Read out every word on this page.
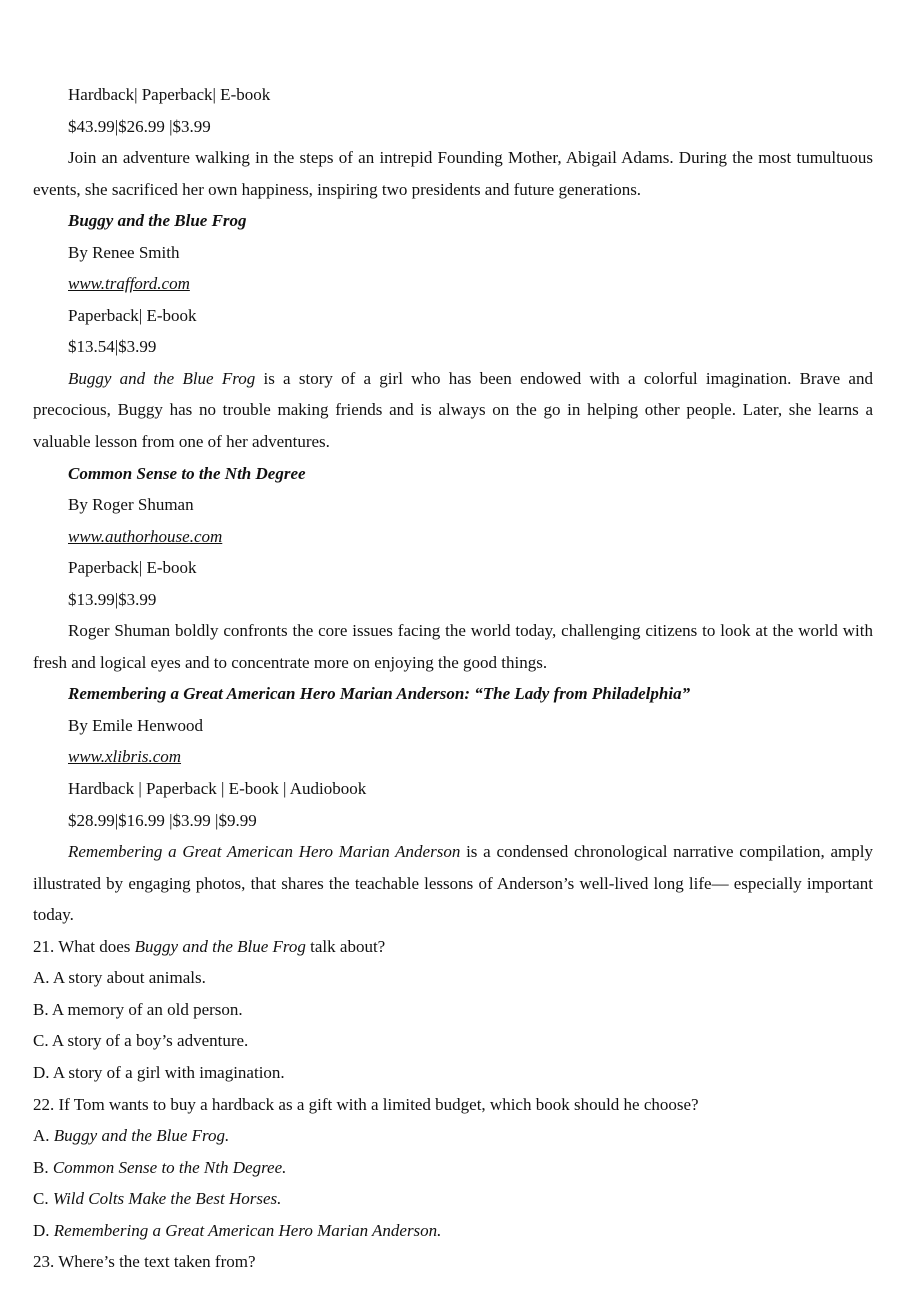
Hardback| Paperback| E-book

$43.99|$26.99 |$3.99

Join an adventure walking in the steps of an intrepid Founding Mother, Abigail Adams. During the most tumultuous events, she sacrificed her own happiness, inspiring two presidents and future generations.

Buggy and the Blue Frog

By Renee Smith

www.trafford.com

Paperback| E-book

$13.54|$3.99

Buggy and the Blue Frog is a story of a girl who has been endowed with a colorful imagination. Brave and precocious, Buggy has no trouble making friends and is always on the go in helping other people. Later, she learns a valuable lesson from one of her adventures.

Common Sense to the Nth Degree

By Roger Shuman

www.authorhouse.com

Paperback| E-book

$13.99|$3.99

Roger Shuman boldly confronts the core issues facing the world today, challenging citizens to look at the world with fresh and logical eyes and to concentrate more on enjoying the good things.

Remembering a Great American Hero Marian Anderson: “The Lady from Philadelphia”

By Emile Henwood

www.xlibris.com

Hardback | Paperback | E-book | Audiobook

$28.99|$16.99 |$3.99 |$9.99

Remembering a Great American Hero Marian Anderson is a condensed chronological narrative compilation, amply illustrated by engaging photos, that shares the teachable lessons of Anderson’s well-lived long life— especially important today.

21. What does Buggy and the Blue Frog talk about?

A. A story about animals.

B. A memory of an old person.

C. A story of a boy’s adventure.

D. A story of a girl with imagination.

22. If Tom wants to buy a hardback as a gift with a limited budget, which book should he choose?

A. Buggy and the Blue Frog.

B. Common Sense to the Nth Degree.

C. Wild Colts Make the Best Horses.

D. Remembering a Great American Hero Marian Anderson.

23. Where’s the text taken from?
